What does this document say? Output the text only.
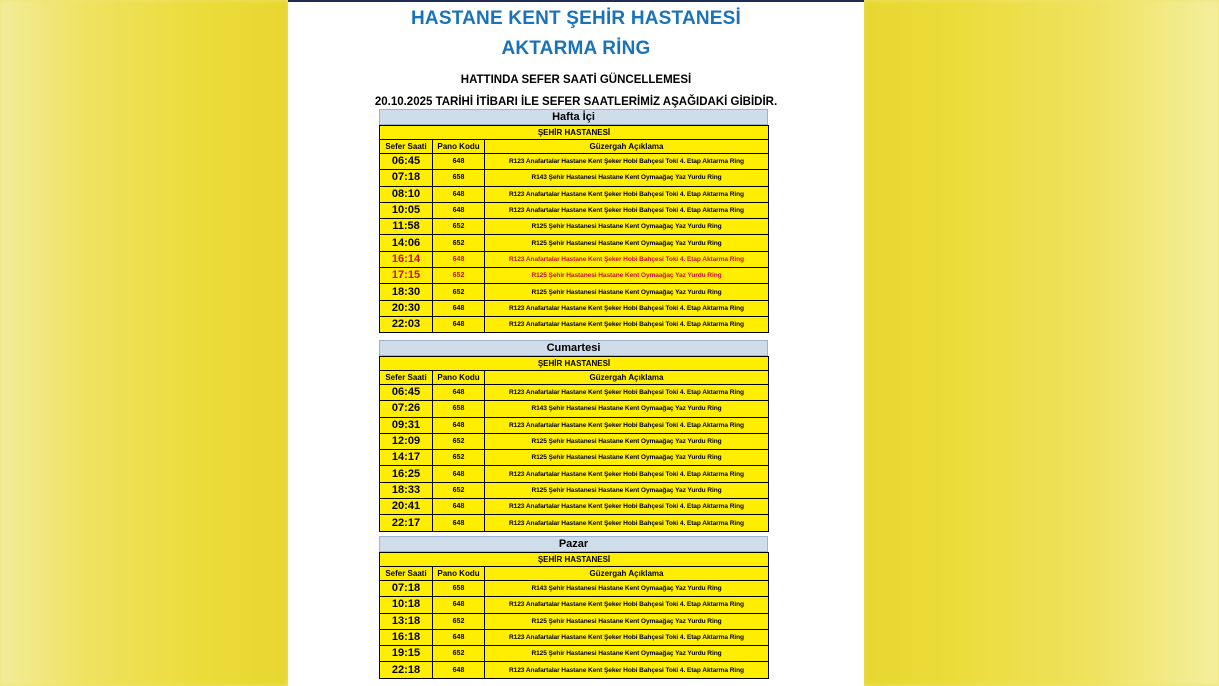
HASTANE KENT ŞEHİR HASTANESİ
AKTARMA RİNG
HATTINDA SEFER SAATİ GÜNCELLEMESİ
20.10.2025 TARİHİ İTİBARI İLE SEFER SAATLERİMİZ AŞAĞIDAKİ GİBİDİR.
Hafta İçi
ŞEHİR HASTANESİ		
Sefer Saati	Pano Kodu	Güzergah Açıklama
06:45	648	R123 Anafartalar Hastane Kent Şeker Hobi Bahçesi Toki 4. Etap Aktarma Ring
07:18	658	R143 Şehir Hastanesi Hastane Kent Oymaağaç Yaz Yurdu Ring
08:10	648	R123 Anafartalar Hastane Kent Şeker Hobi Bahçesi Toki 4. Etap Aktarma Ring
10:05	648	R123 Anafartalar Hastane Kent Şeker Hobi Bahçesi Toki 4. Etap Aktarma Ring
11:58	652	R125 Şehir Hastanesi Hastane Kent Oymaağaç Yaz Yurdu Ring
14:06	652	R125 Şehir Hastanesi Hastane Kent Oymaağaç Yaz Yurdu Ring
16:14	648	R123 Anafartalar Hastane Kent Şeker Hobi Bahçesi Toki 4. Etap Aktarma Ring
17:15	652	R125 Şehir Hastanesi Hastane Kent Oymaağaç Yaz Yurdu Ring
18:30	652	R125 Şehir Hastanesi Hastane Kent Oymaağaç Yaz Yurdu Ring
20:30	648	R123 Anafartalar Hastane Kent Şeker Hobi Bahçesi Toki 4. Etap Aktarma Ring
22:03	648	R123 Anafartalar Hastane Kent Şeker Hobi Bahçesi Toki 4. Etap Aktarma Ring
Cumartesi
ŞEHİR HASTANESİ		
Sefer Saati	Pano Kodu	Güzergah Açıklama
06:45	648	R123 Anafartalar Hastane Kent Şeker Hobi Bahçesi Toki 4. Etap Aktarma Ring
07:26	658	R143 Şehir Hastanesi Hastane Kent Oymaağaç Yaz Yurdu Ring
09:31	648	R123 Anafartalar Hastane Kent Şeker Hobi Bahçesi Toki 4. Etap Aktarma Ring
12:09	652	R125 Şehir Hastanesi Hastane Kent Oymaağaç Yaz Yurdu Ring
14:17	652	R125 Şehir Hastanesi Hastane Kent Oymaağaç Yaz Yurdu Ring
16:25	648	R123 Anafartalar Hastane Kent Şeker Hobi Bahçesi Toki 4. Etap Aktarma Ring
18:33	652	R125 Şehir Hastanesi Hastane Kent Oymaağaç Yaz Yurdu Ring
20:41	648	R123 Anafartalar Hastane Kent Şeker Hobi Bahçesi Toki 4. Etap Aktarma Ring
22:17	648	R123 Anafartalar Hastane Kent Şeker Hobi Bahçesi Toki 4. Etap Aktarma Ring
Pazar
ŞEHİR HASTANESİ		
Sefer Saati	Pano Kodu	Güzergah Açıklama
07:18	658	R143 Şehir Hastanesi Hastane Kent Oymaağaç Yaz Yurdu Ring
10:18	648	R123 Anafartalar Hastane Kent Şeker Hobi Bahçesi Toki 4. Etap Aktarma Ring
13:18	652	R125 Şehir Hastanesi Hastane Kent Oymaağaç Yaz Yurdu Ring
16:18	648	R123 Anafartalar Hastane Kent Şeker Hobi Bahçesi Toki 4. Etap Aktarma Ring
19:15	652	R125 Şehir Hastanesi Hastane Kent Oymaağaç Yaz Yurdu Ring
22:18	648	R123 Anafartalar Hastane Kent Şeker Hobi Bahçesi Toki 4. Etap Aktarma Ring
